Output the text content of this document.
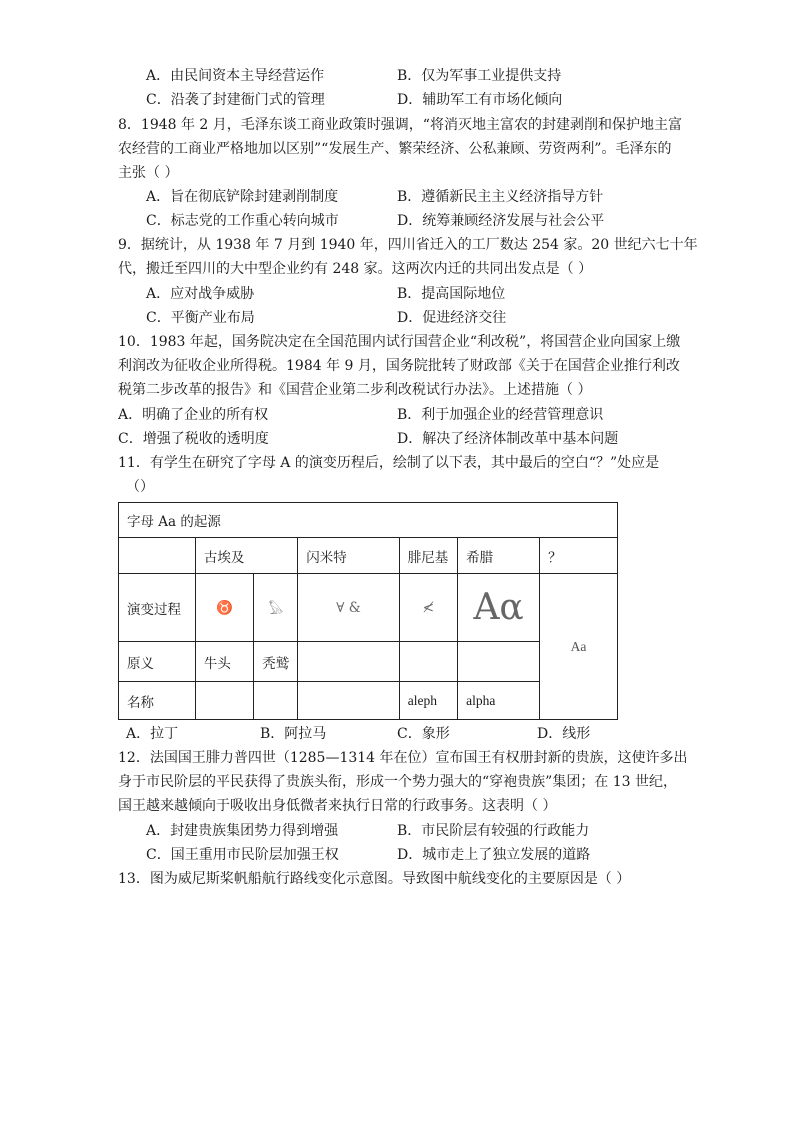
A．由民间资本主导经营运作	B．仅为军事工业提供支持
C．沿袭了封建衙门式的管理	D．辅助军工有市场化倾向
8．1948 年 2 月，毛泽东谈工商业政策时强调，“将消灭地主富农的封建剥削和保护地主富
农经营的工商业严格地加以区别”“发展生产、繁荣经济、公私兼顾、劳资两利”。毛泽东的
主张（ ）
A．旨在彻底铲除封建剥削制度	B．遵循新民主主义经济指导方针
C．标志党的工作重心转向城市	D．统筹兼顾经济发展与社会公平
9．据统计，从 1938 年 7 月到 1940 年，四川省迁入的工厂数达 254 家。20 世纪六七十年
代，搬迁至四川的大中型企业约有 248 家。这两次内迁的共同出发点是（ ）
A．应对战争威胁	B．提高国际地位
C．平衡产业布局	D．促进经济交往
10．1983 年起，国务院决定在全国范围内试行国营企业“利改税”，将国营企业向国家上缴
利润改为征收企业所得税。1984 年 9 月，国务院批转了财政部《关于在国营企业推行利改
税第二步改革的报告》和《国营企业第二步利改税试行办法》。上述措施（ ）
A．明确了企业的所有权	B．利于加强企业的经营管理意识
C．增强了税收的透明度	D．解决了经济体制改革中基本问题
11．有学生在研究了字母 A 的演变历程后，绘制了以下表，其中最后的空白“？”处应是
（）
字母 Aa 的起源						
	古埃及		闪米特	腓尼基	希腊	？
演变过程	♉	𓅃	∀ &	≮	Aα	Aa
原义	牛头	秃鹫				
名称				aleph	alpha	
A．拉丁	B．阿拉马	C．象形	D．线形
12．法国国王腓力普四世（1285—1314 年在位）宣布国王有权册封新的贵族，这使许多出
身于市民阶层的平民获得了贵族头衔，形成一个势力强大的“穿袍贵族”集团；在 13 世纪，
国王越来越倾向于吸收出身低微者来执行日常的行政事务。这表明（ ）
A．封建贵族集团势力得到增强	B．市民阶层有较强的行政能力
C．国王重用市民阶层加强王权	D．城市走上了独立发展的道路
13．图为威尼斯桨帆船航行路线变化示意图。导致图中航线变化的主要原因是（ ）
